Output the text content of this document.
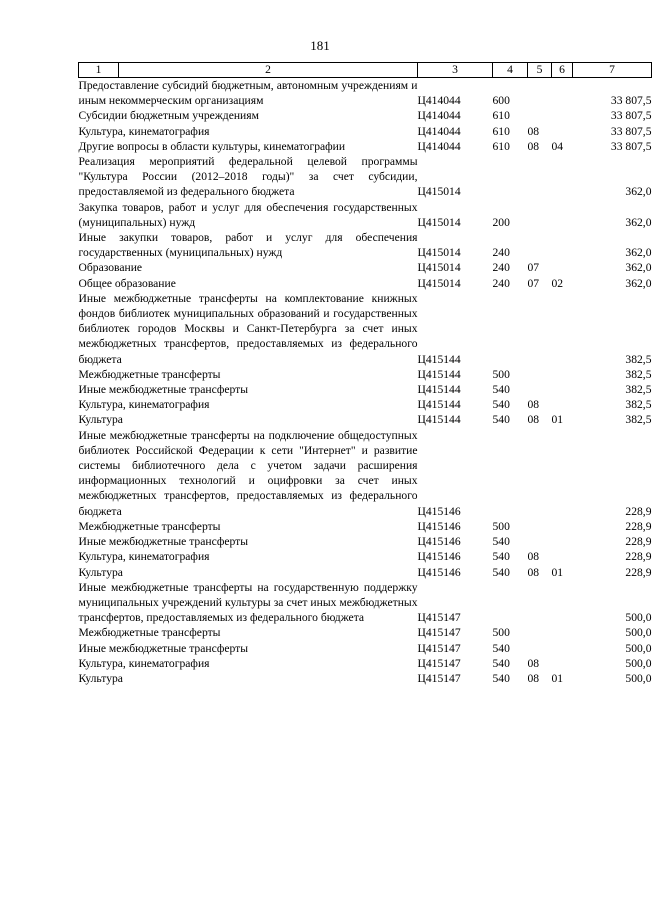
181
1	2	3	4	5	6	7
Предоставление субсидий бюджетным, автономным учреждениям и иным некоммерческим организациям		Ц414044	600			33 807,5
Субсидии бюджетным учреждениям		Ц414044	610			33 807,5
Культура, кинематография		Ц414044	610	08		33 807,5
Другие вопросы в области культуры, кинематографии		Ц414044	610	08	04	33 807,5
Реализация мероприятий федеральной целевой программы "Культура России (2012–2018 годы)" за счет субсидии, предоставляемой из федерального бюджета		Ц415014				362,0
Закупка товаров, работ и услуг для обеспечения государственных (муниципальных) нужд		Ц415014	200			362,0
Иные закупки товаров, работ и услуг для обеспечения государственных (муниципальных) нужд		Ц415014	240			362,0
Образование		Ц415014	240	07		362,0
Общее образование		Ц415014	240	07	02	362,0
Иные межбюджетные трансферты на комплектование книжных фондов библиотек муниципальных образований и государственных библиотек городов Москвы и Санкт-Петербурга за счет иных межбюджетных трансфертов, предоставляемых из федерального бюджета		Ц415144				382,5
Межбюджетные трансферты		Ц415144	500			382,5
Иные межбюджетные трансферты		Ц415144	540			382,5
Культура, кинематография		Ц415144	540	08		382,5
Культура		Ц415144	540	08	01	382,5
Иные межбюджетные трансферты на подключение общедоступных библиотек Российской Федерации к сети "Интернет" и развитие системы библиотечного дела с учетом задачи расширения информационных технологий и оцифровки за счет иных межбюджетных трансфертов, предоставляемых из федерального бюджета		Ц415146				228,9
Межбюджетные трансферты		Ц415146	500			228,9
Иные межбюджетные трансферты		Ц415146	540			228,9
Культура, кинематография		Ц415146	540	08		228,9
Культура		Ц415146	540	08	01	228,9
Иные межбюджетные трансферты на государственную поддержку муниципальных учреждений культуры за счет иных межбюджетных трансфертов, предоставляемых из федерального бюджета		Ц415147				500,0
Межбюджетные трансферты		Ц415147	500			500,0
Иные межбюджетные трансферты		Ц415147	540			500,0
Культура, кинематография		Ц415147	540	08		500,0
Культура		Ц415147	540	08	01	500,0
